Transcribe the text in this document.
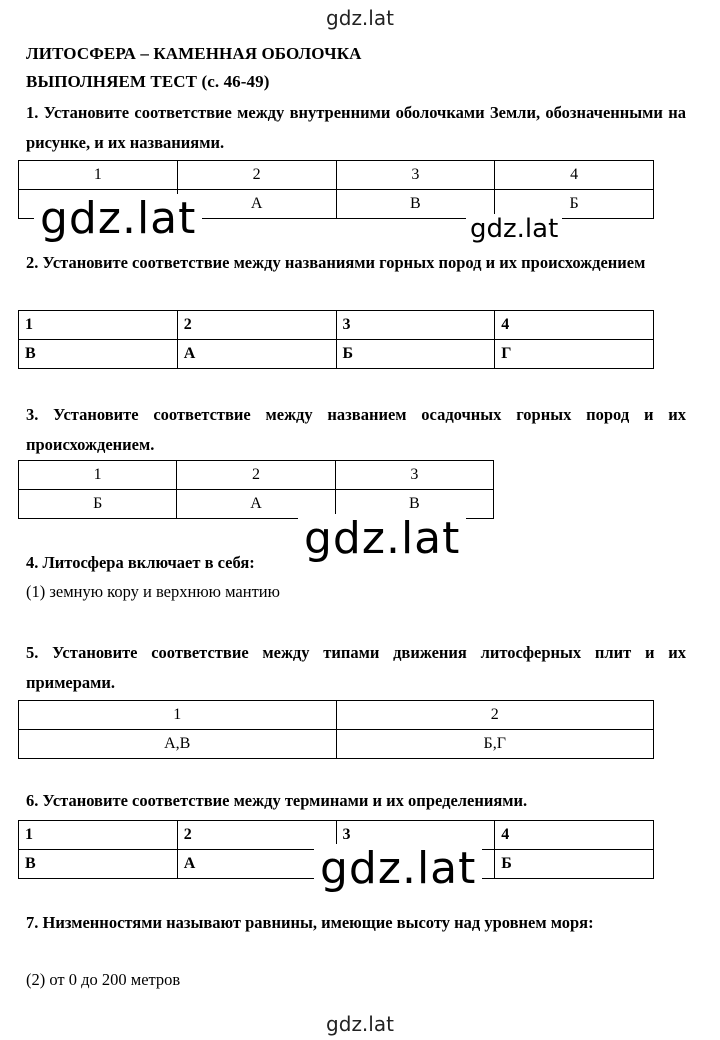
gdz.lat
ЛИТОСФЕРА – КАМЕННАЯ ОБОЛОЧКА
ВЫПОЛНЯЕМ ТЕСТ (с. 46-49)
1. Установите соответствие между внутренними оболочками Земли, обозначенными на рисунке, и их названиями.
1	2	3	4
	А	В	Б
gdz.lat	gdz.lat
2. Установите соответствие между названиями горных пород и их происхождением
1	2	3	4
В	А	Б	Г
3. Установите соответствие между названием осадочных горных пород и их происхождением.
1	2	3
Б	А	В
4. Литосфера включает в себя:	gdz.lat
(1) земную кору и верхнюю мантию
5. Установите соответствие между типами движения литосферных плит и их примерами.
1	2
А,В	Б,Г
6. Установите соответствие между терминами и их определениями.
1	2	3	4
В	А		Б
gdz.lat
7. Низменностями называют равнины, имеющие высоту над уровнем моря:
(2) от 0 до 200 метров
gdz.lat
